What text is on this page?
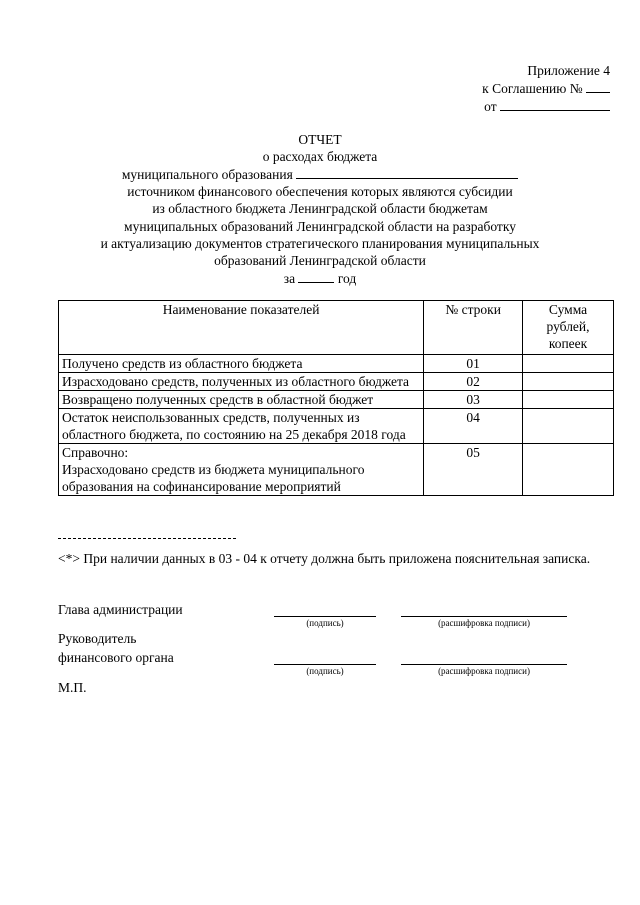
Приложение 4
к Соглашению №
от
ОТЧЕТ
о расходах бюджета
муниципального образования
источником финансового обеспечения которых являются субсидии
из областного бюджета Ленинградской области бюджетам
муниципальных образований Ленинградской области на разработку
и актуализацию документов стратегического планирования муниципальных
образований Ленинградской области
за	год
Наименование показателей	№ строки	Сумма рублей, копеек
Получено средств из областного бюджета	01	
Израсходовано средств, полученных из областного бюджета	02	
Возвращено полученных средств в областной бюджет	03	
Остаток неиспользованных средств, полученных из областного бюджета, по состоянию на 25 декабря 2018 года	04	
Справочно:
Израсходовано средств из бюджета муниципального образования на софинансирование мероприятий	05	
<*> При наличии данных в 03 - 04 к отчету должна быть приложена пояснительная записка.
Глава администрации
(подпись)	(расшифровка подписи)
Руководитель
финансового органа
(подпись)	(расшифровка подписи)
М.П.
